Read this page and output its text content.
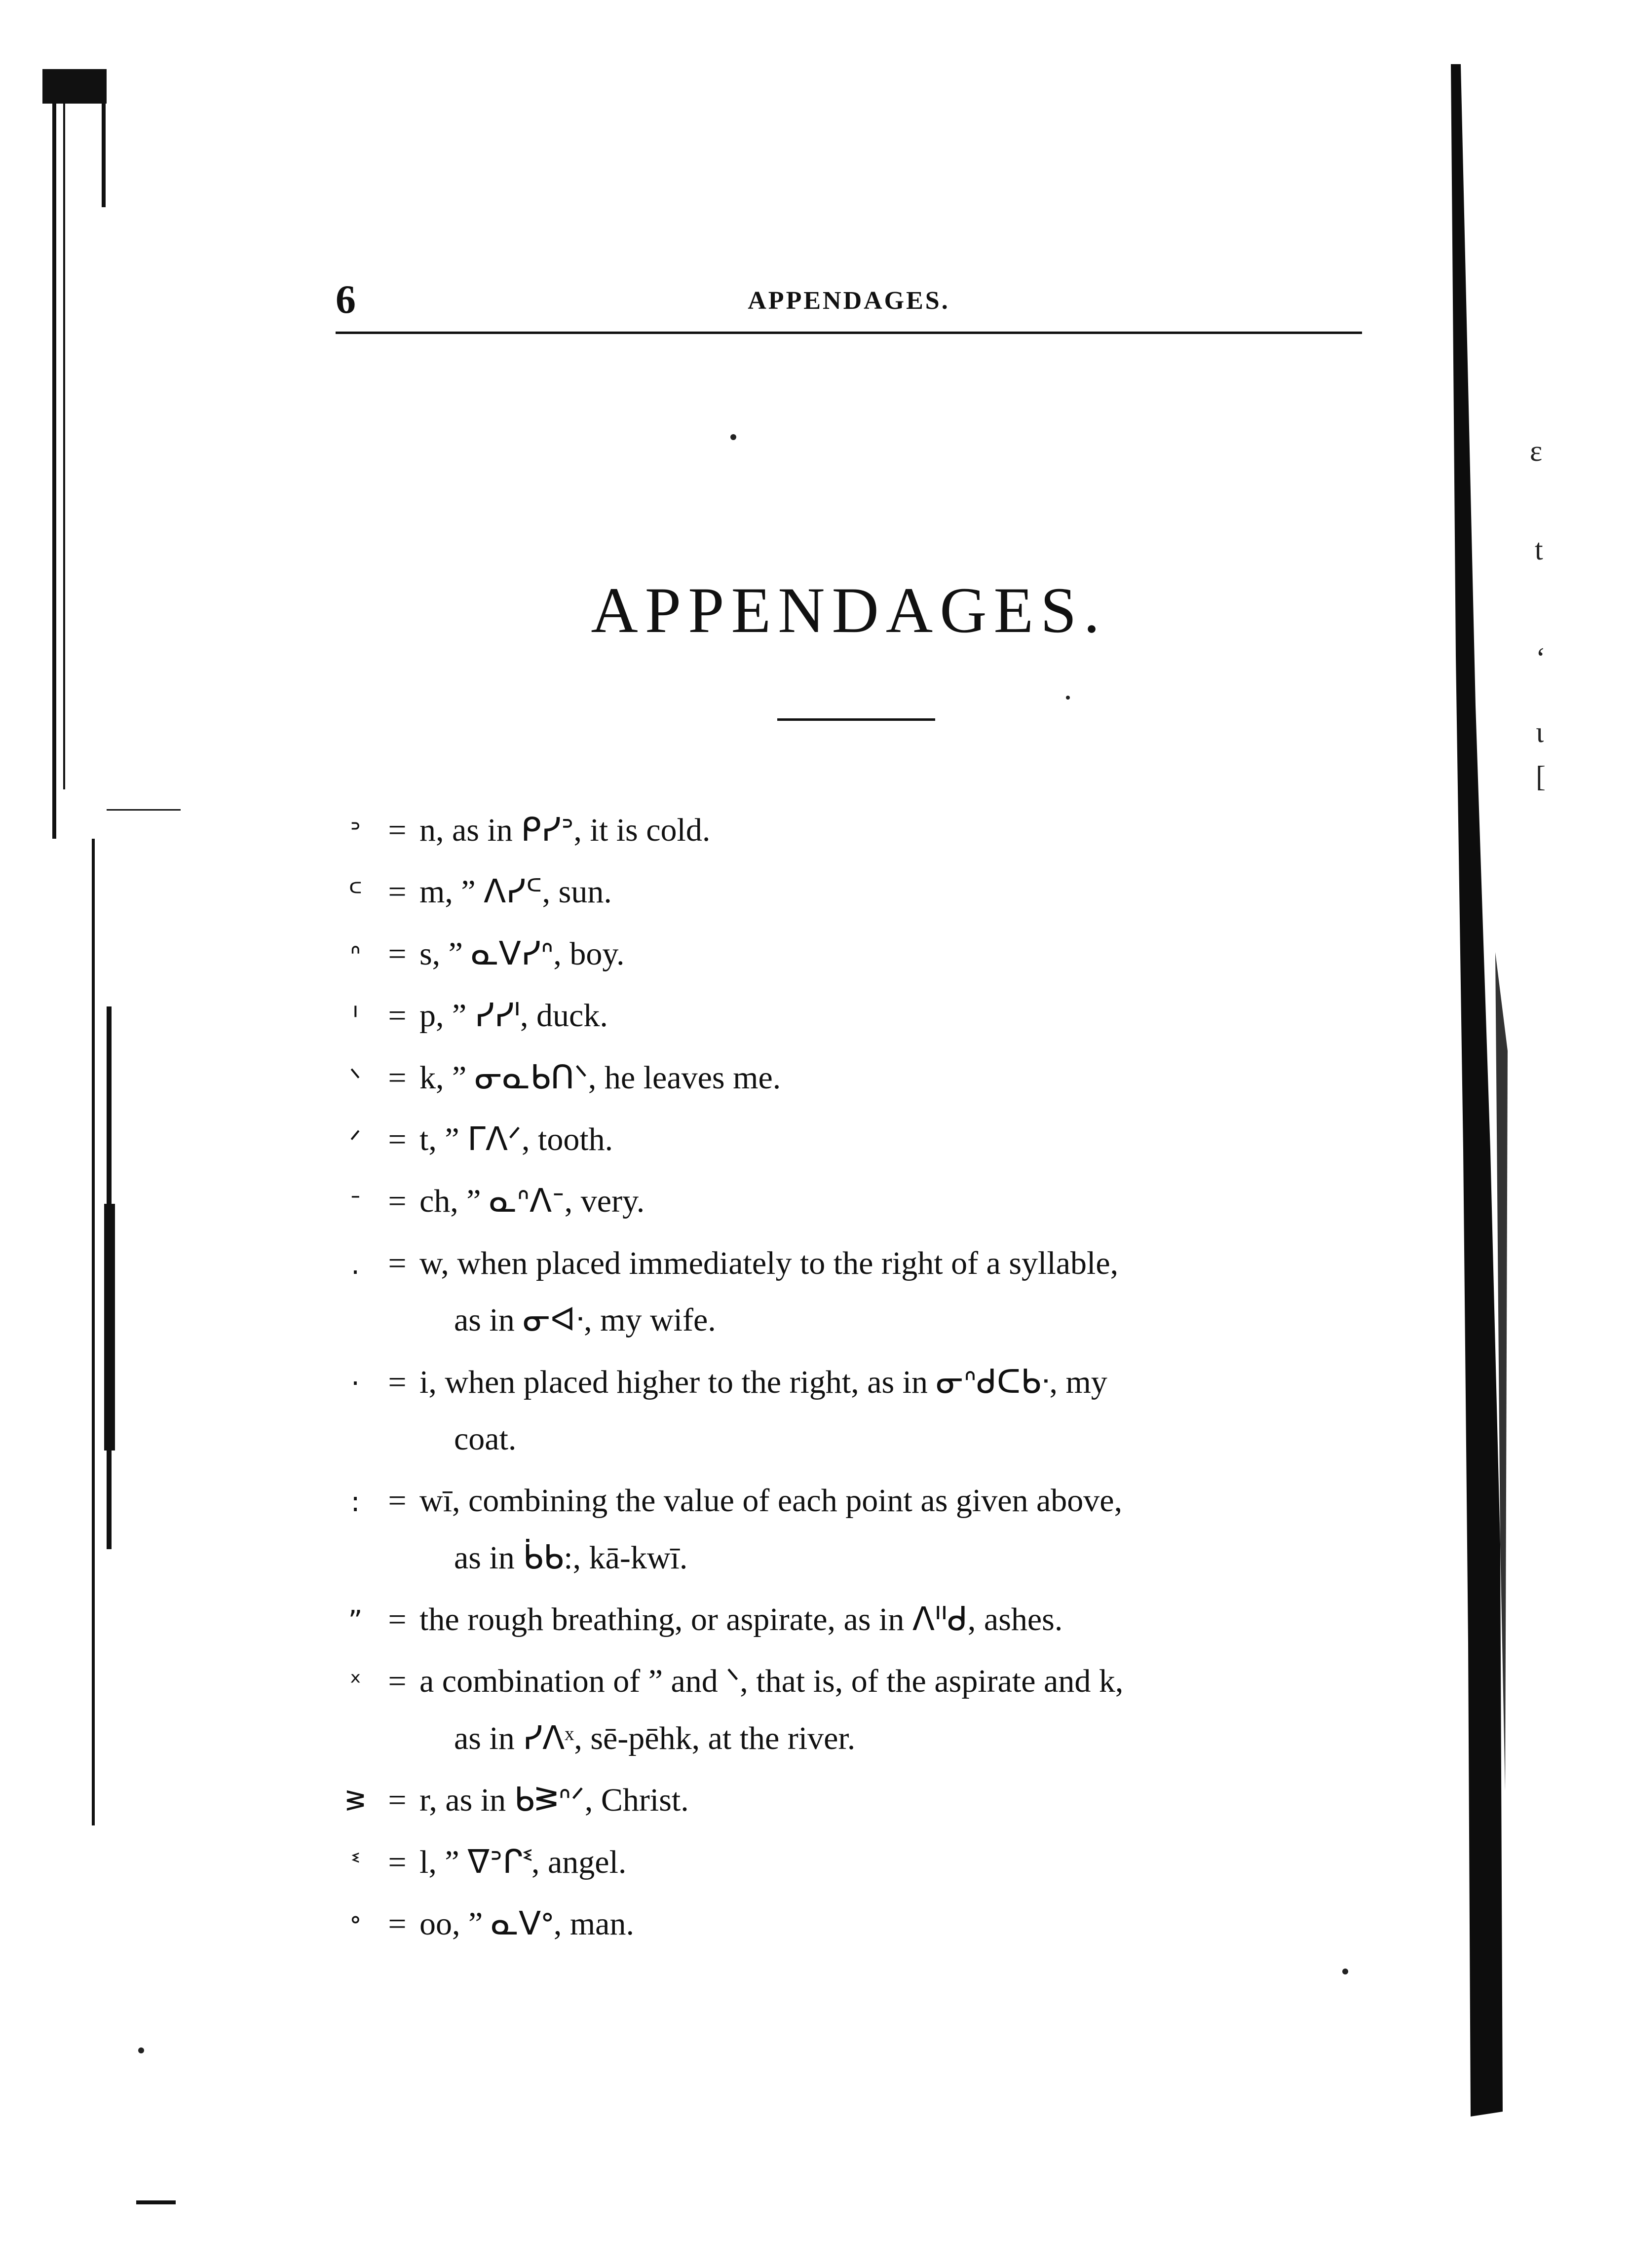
ɛ
t
ʻ
ɩ
[
6	APPENDAGES.
APPENDAGES.
ᐣ = n, as in ᑭᓯᐣ, it is cold.
ᒼ = m, ” ᐱᓯᒼ, sun.
ᐢ = s, ” ᓇᐯᓯᐢ, boy.
ᑊ = p, ” ᓯᓯᑊ, duck.
ᐠ = k, ” ᓂᓇᑲᑎᐠ, he leaves me.
ᐟ = t, ” ᒥᐱᐟ, tooth.
ᐨ = ch, ” ᓇᐢᐱᐨ, very.
. = w, when placed immediately to the right of a syllable,
as in ᓂᐊᐧ, my wife.
· = i, when placed higher to the right, as in ᓂᐢᑯᑕᑲᐧ, my
coat.
: = wī, combining the value of each point as given above,
as in ᑳᑲ:, kā-kwī.
” = the rough breathing, or aspirate, as in ᐱᐦᑯ, ashes.
ˣ = a combination of ” and ᐠ, that is, of the aspirate and k,
as in ᓯᐱˣ, sē-pēhk, at the river.
ᕒ = r, as in ᑲᕒᐢᐟ, Christ.
ᓫ = l, ” ᐁᐣᒋᓫ, angel.
ᐤ = oo, ” ᓇᐯᐤ, man.
